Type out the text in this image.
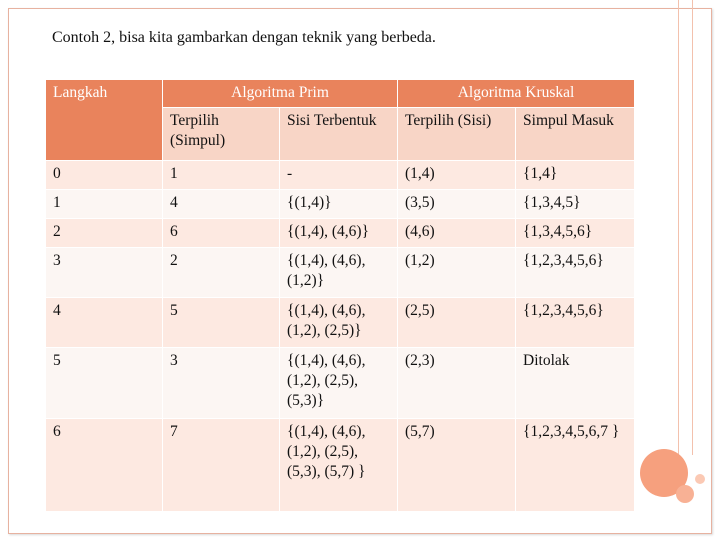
Contoh 2, bisa kita gambarkan dengan teknik yang berbeda.
Langkah	Algoritma Prim		Algoritma Kruskal	
	Terpilih (Simpul)	Sisi Terbentuk	Terpilih (Sisi)	Simpul Masuk
0	1	-	(1,4)	{1,4}
1	4	{(1,4)}	(3,5)	{1,3,4,5}
2	6	{(1,4), (4,6)}	(4,6)	{1,3,4,5,6}
3	2	{(1,4), (4,6), (1,2)}	(1,2)	{1,2,3,4,5,6}
4	5	{(1,4), (4,6), (1,2), (2,5)}	(2,5)	{1,2,3,4,5,6}
5	3	{(1,4), (4,6), (1,2), (2,5), (5,3)}	(2,3)	Ditolak
6	7	{(1,4), (4,6), (1,2), (2,5), (5,3), (5,7) }	(5,7)	{1,2,3,4,5,6,7 }
